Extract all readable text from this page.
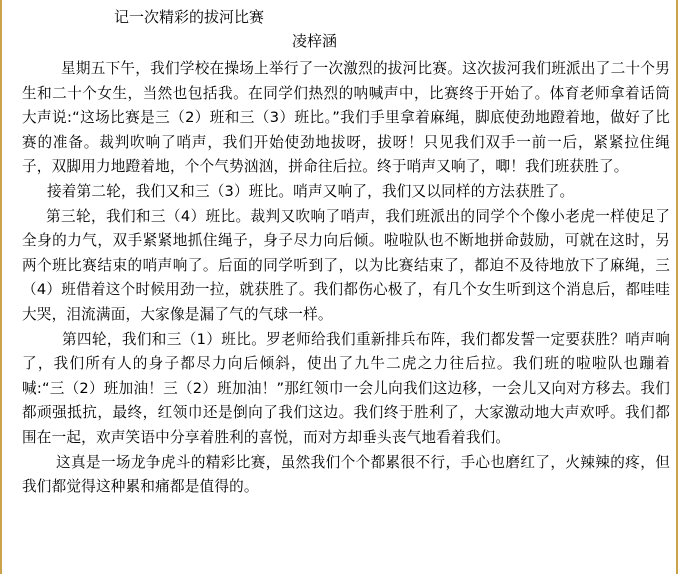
记一次精彩的拔河比赛

凌梓涵

星期五下午，我们学校在操场上举行了一次激烈的拔河比赛。这次拔河我们班派出了二十个男生和二十个女生，当然也包括我。在同学们热烈的呐喊声中，比赛终于开始了。体育老师拿着话筒大声说:“这场比赛是三（2）班和三（3）班比。”我们手里拿着麻绳，脚底使劲地蹬着地，做好了比赛的准备。裁判吹响了哨声，我们开始使劲地拔呀，拔呀！只见我们双手一前一后，紧紧拉住绳子，双脚用力地蹬着地，个个气势汹汹，拼命往后拉。终于哨声又响了，唧！我们班获胜了。

接着第二轮，我们又和三（3）班比。哨声又响了，我们又以同样的方法获胜了。

第三轮，我们和三（4）班比。裁判又吹响了哨声，我们班派出的同学个个像小老虎一样使足了全身的力气，双手紧紧地抓住绳子，身子尽力向后倾。啦啦队也不断地拼命鼓励，可就在这时，另两个班比赛结束的哨声响了。后面的同学听到了，以为比赛结束了，都迫不及待地放下了麻绳，三（4）班借着这个时候用劲一拉，就获胜了。我们都伤心极了，有几个女生听到这个消息后，都哇哇大哭，泪流满面，大家像是漏了气的气球一样。

第四轮，我们和三（1）班比。罗老师给我们重新排兵布阵，我们都发誓一定要获胜？哨声响了，我们所有人的身子都尽力向后倾斜，使出了九牛二虎之力往后拉。我们班的啦啦队也蹦着喊:“三（2）班加油！三（2）班加油！”那红领巾一会儿向我们这边移，一会儿又向对方移去。我们都顽强抵抗，最终，红领巾还是倒向了我们这边。我们终于胜利了，大家激动地大声欢呼。我们都围在一起，欢声笑语中分享着胜利的喜悦，而对方却垂头丧气地看着我们。

这真是一场龙争虎斗的精彩比赛，虽然我们个个都累很不行，手心也磨红了，火辣辣的疼，但我们都觉得这种累和痛都是值得的。
